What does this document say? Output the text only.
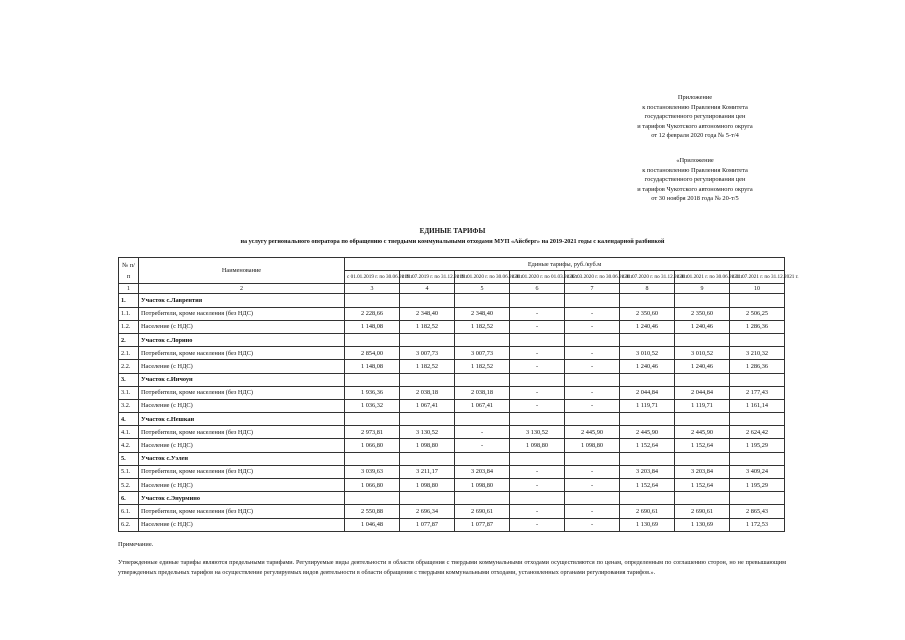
Приложение
к постановлению Правления Комитета
государственного регулирования цен
и тарифов Чукотского автономного округа
от 12 февраля 2020 года № 5-т/4
«Приложение
к постановлению Правления Комитета
государственного регулирования цен
и тарифов Чукотского автономного округа
от 30 ноября 2018 года № 20-т/5
ЕДИНЫЕ ТАРИФЫ
на услугу регионального оператора по обращению с твердыми коммунальными отходами МУП «Айсберг» на 2019-2021 годы с календарной разбивкой
№ п/п	Наименование	Единые тарифы, руб./куб.м							
		с 01.01.2019 г. по 30.06.2019 г.	с 01.07.2019 г. по 31.12.2019 г.	с 01.01.2020 г. по 30.06.2020 г.	с 01.01.2020 г. по 01.03.2020 г.	с 02.03.2020 г. по 30.06.2020 г.	с 01.07.2020 г. по 31.12.2020 г.	с 01.01.2021 г. по 30.06.2021 г.	с 01.07.2021 г. по 31.12.2021 г.
1	2	3	4	5	6	7	8	9	10
1.	Участок с.Лаврентия								
1.1.	Потребители, кроме населения (без НДС)	2 228,66	2 348,40	2 348,40	-	-	2 350,60	2 350,60	2 506,25
1.2.	Население (с НДС)	1 148,08	1 182,52	1 182,52	-	-	1 240,46	1 240,46	1 286,36
2.	Участок с.Лорино								
2.1.	Потребители, кроме населения (без НДС)	2 854,00	3 007,73	3 007,73	-	-	3 010,52	3 010,52	3 210,32
2.2.	Население (с НДС)	1 148,08	1 182,52	1 182,52	-	-	1 240,46	1 240,46	1 286,36
3.	Участок с.Инчоун								
3.1.	Потребители, кроме населения (без НДС)	1 936,36	2 038,18	2 038,18	-	-	2 044,84	2 044,84	2 177,43
3.2.	Население (с НДС)	1 036,32	1 067,41	1 067,41	-	-	1 119,71	1 119,71	1 161,14
4.	Участок с.Нешкан								
4.1.	Потребители, кроме населения (без НДС)	2 973,81	3 130,52	-	3 130,52	2 445,90	2 445,90	2 445,90	2 624,42
4.2.	Население (с НДС)	1 066,80	1 098,80	-	1 098,80	1 098,80	1 152,64	1 152,64	1 195,29
5.	Участок с.Уэлен								
5.1.	Потребители, кроме населения (без НДС)	3 039,63	3 211,17	3 203,84	-	-	3 203,84	3 203,84	3 409,24
5.2.	Население (с НДС)	1 066,80	1 098,80	1 098,80	-	-	1 152,64	1 152,64	1 195,29
6.	Участок с.Энурмино								
6.1.	Потребители, кроме населения (без НДС)	2 550,88	2 696,34	2 690,61	-	-	2 690,61	2 690,61	2 865,43
6.2.	Население (с НДС)	1 046,48	1 077,87	1 077,87	-	-	1 130,69	1 130,69	1 172,53
Примечание.
Утвержденные единые тарифы являются предельными тарифами. Регулируемые виды деятельности в области обращения с твердыми коммунальными отходами осуществляются по ценам, определенным по соглашению сторон, но не превышающим утвержденных предельных тарифов на осуществление регулируемых видов деятельности в области обращения с твердыми коммунальными отходами, установленных органами регулирования тарифов.».
